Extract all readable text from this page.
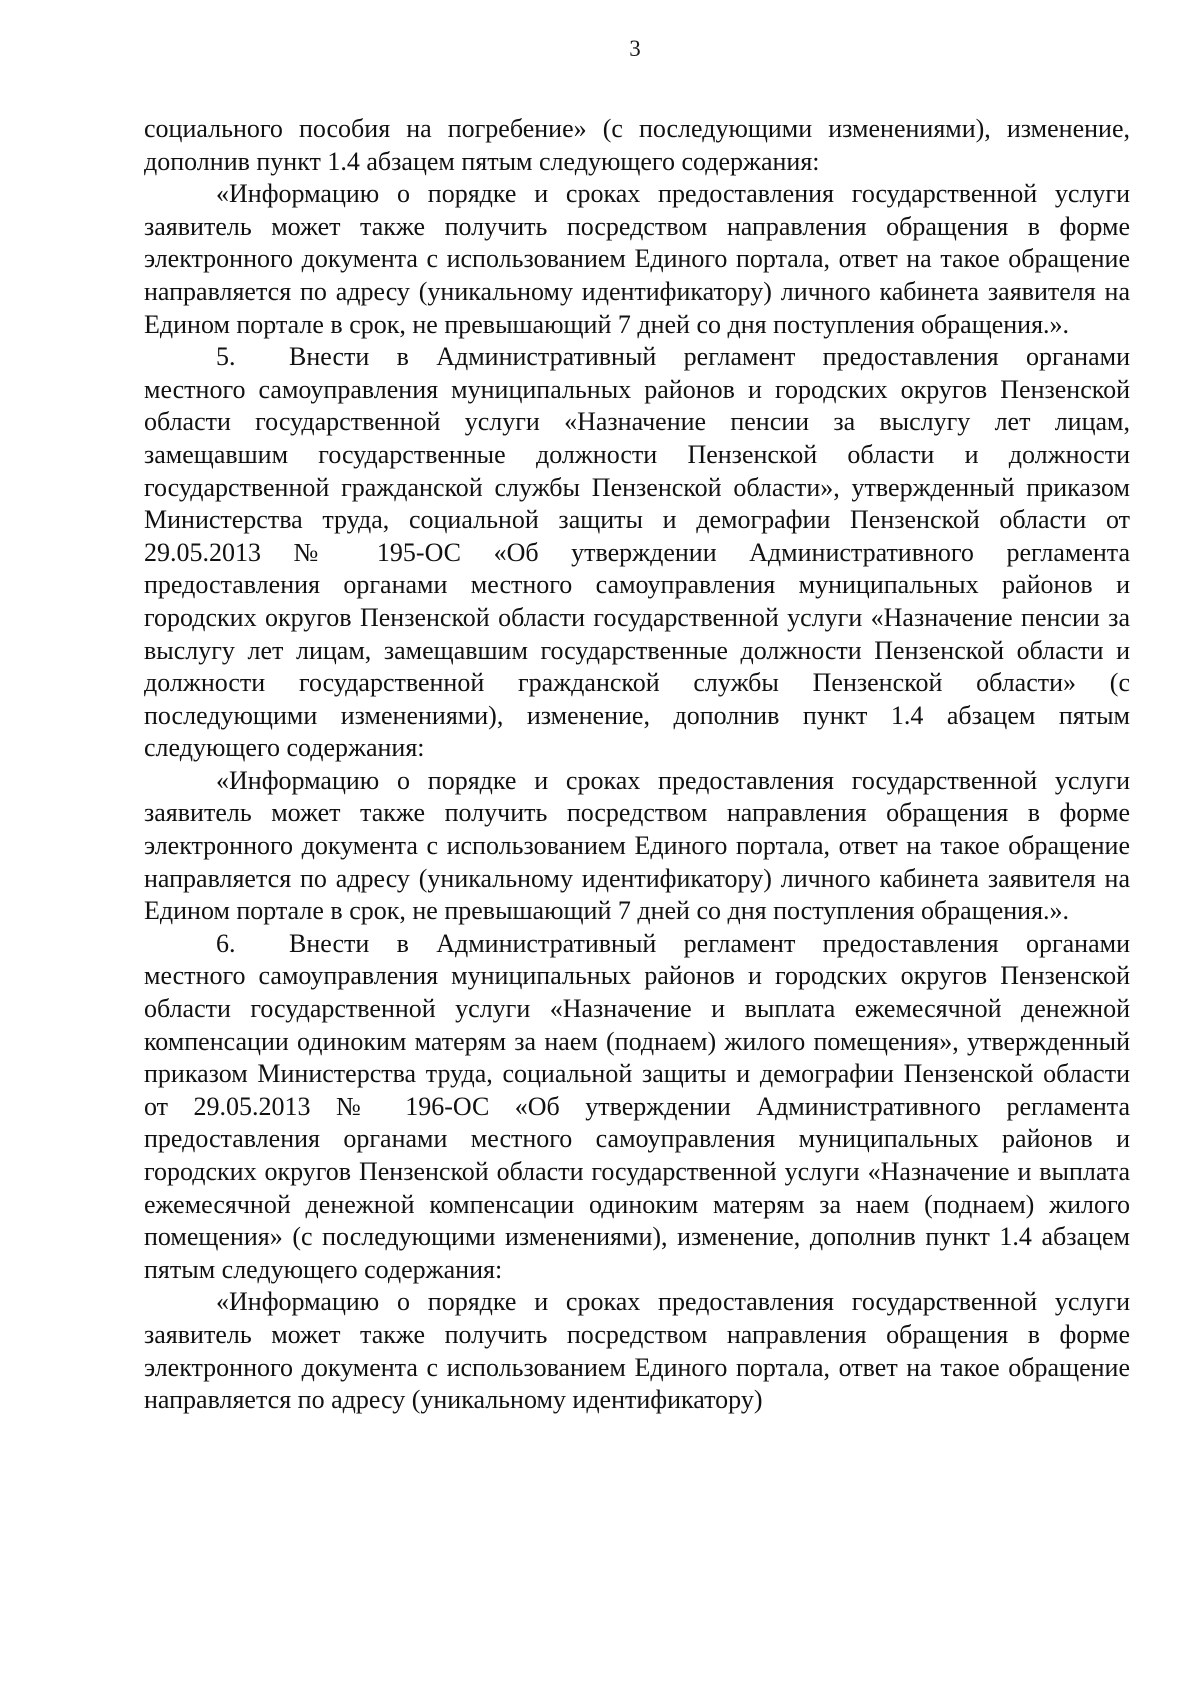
3

социального пособия на погребение» (с последующими изменениями), изменение, дополнив пункт 1.4 абзацем пятым следующего содержания:

«Информацию о порядке и сроках предоставления государственной услуги заявитель может также получить посредством направления обращения в форме электронного документа с использованием Единого портала, ответ на такое обращение направляется по адресу (уникальному идентификатору) личного кабинета заявителя на Едином портале в срок, не превышающий 7 дней со дня поступления обращения.».

5. Внести в Административный регламент предоставления органами местного самоуправления муниципальных районов и городских округов Пензенской области государственной услуги «Назначение пенсии за выслугу лет лицам, замещавшим государственные должности Пензенской области и должности государственной гражданской службы Пензенской области», утвержденный приказом Министерства труда, социальной защиты и демографии Пензенской области от 29.05.2013 № 195-ОС «Об утверждении Административного регламента предоставления органами местного самоуправления муниципальных районов и городских округов Пензенской области государственной услуги «Назначение пенсии за выслугу лет лицам, замещавшим государственные должности Пензенской области и должности государственной гражданской службы Пензенской области» (с последующими изменениями), изменение, дополнив пункт 1.4 абзацем пятым следующего содержания:

«Информацию о порядке и сроках предоставления государственной услуги заявитель может также получить посредством направления обращения в форме электронного документа с использованием Единого портала, ответ на такое обращение направляется по адресу (уникальному идентификатору) личного кабинета заявителя на Едином портале в срок, не превышающий 7 дней со дня поступления обращения.».

6. Внести в Административный регламент предоставления органами местного самоуправления муниципальных районов и городских округов Пензенской области государственной услуги «Назначение и выплата ежемесячной денежной компенсации одиноким матерям за наем (поднаем) жилого помещения», утвержденный приказом Министерства труда, социальной защиты и демографии Пензенской области от 29.05.2013 № 196-ОС «Об утверждении Административного регламента предоставления органами местного самоуправления муниципальных районов и городских округов Пензенской области государственной услуги «Назначение и выплата ежемесячной денежной компенсации одиноким матерям за наем (поднаем) жилого помещения» (с последующими изменениями), изменение, дополнив пункт 1.4 абзацем пятым следующего содержания:

«Информацию о порядке и сроках предоставления государственной услуги заявитель может также получить посредством направления обращения в форме электронного документа с использованием Единого портала, ответ на такое обращение направляется по адресу (уникальному идентификатору)
